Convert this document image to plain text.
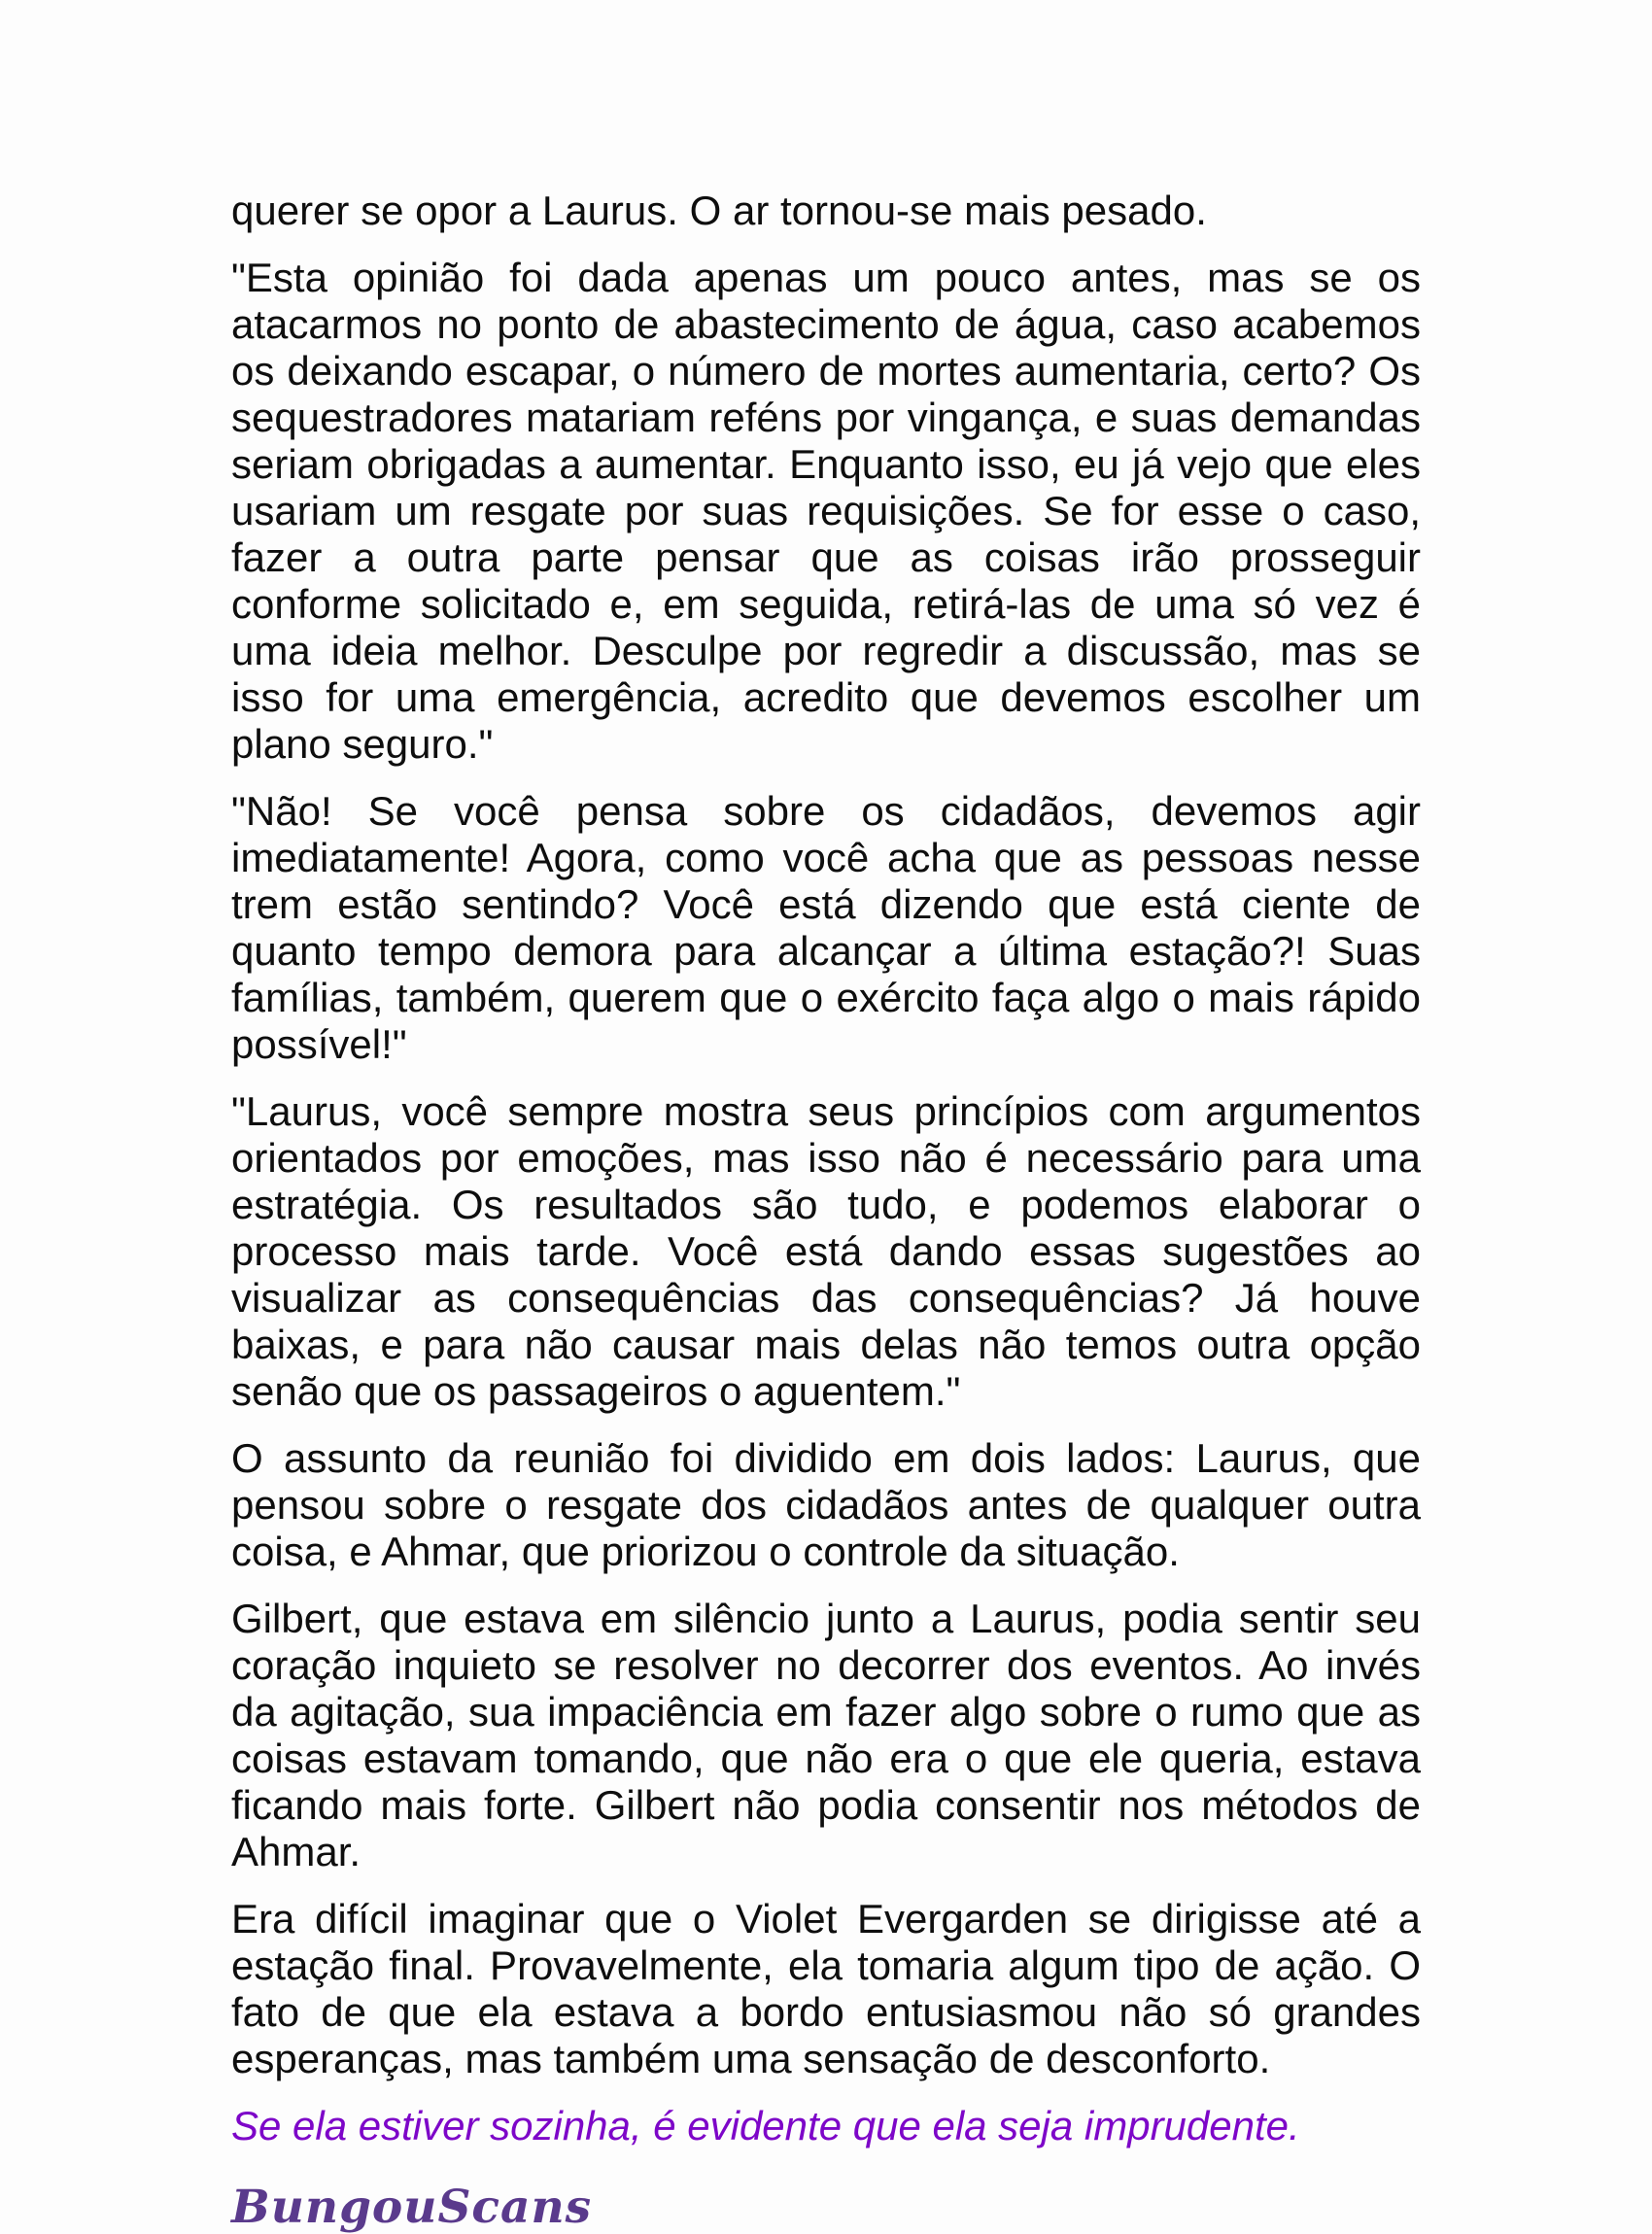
querer se opor a Laurus. O ar tornou-se mais pesado.

"Esta opinião foi dada apenas um pouco antes, mas se os atacarmos no ponto de abastecimento de água, caso acabemos os deixando escapar, o número de mortes aumentaria, certo? Os sequestradores matariam reféns por vingança, e suas demandas seriam obrigadas a aumentar. Enquanto isso, eu já vejo que eles usariam um resgate por suas requisições. Se for esse o caso, fazer a outra parte pensar que as coisas irão prosseguir conforme solicitado e, em seguida, retirá-las de uma só vez é uma ideia melhor. Desculpe por regredir a discussão, mas se isso for uma emergência, acredito que devemos escolher um plano seguro."

"Não! Se você pensa sobre os cidadãos, devemos agir imediatamente! Agora, como você acha que as pessoas nesse trem estão sentindo? Você está dizendo que está ciente de quanto tempo demora para alcançar a última estação?! Suas famílias, também, querem que o exército faça algo o mais rápido possível!"

"Laurus, você sempre mostra seus princípios com argumentos orientados por emoções, mas isso não é necessário para uma estratégia. Os resultados são tudo, e podemos elaborar o processo mais tarde. Você está dando essas sugestões ao visualizar as consequências das consequências? Já houve baixas, e para não causar mais delas não temos outra opção senão que os passageiros o aguentem."

O assunto da reunião foi dividido em dois lados: Laurus, que pensou sobre o resgate dos cidadãos antes de qualquer outra coisa, e Ahmar, que priorizou o controle da situação.

Gilbert, que estava em silêncio junto a Laurus, podia sentir seu coração inquieto se resolver no decorrer dos eventos. Ao invés da agitação, sua impaciência em fazer algo sobre o rumo que as coisas estavam tomando, que não era o que ele queria, estava ficando mais forte. Gilbert não podia consentir nos métodos de Ahmar.

Era difícil imaginar que o Violet Evergarden se dirigisse até a estação final. Provavelmente, ela tomaria algum tipo de ação. O fato de que ela estava a bordo entusiasmou não só grandes esperanças, mas também uma sensação de desconforto.

Se ela estiver sozinha, é evidente que ela seja imprudente.

BungouScans
